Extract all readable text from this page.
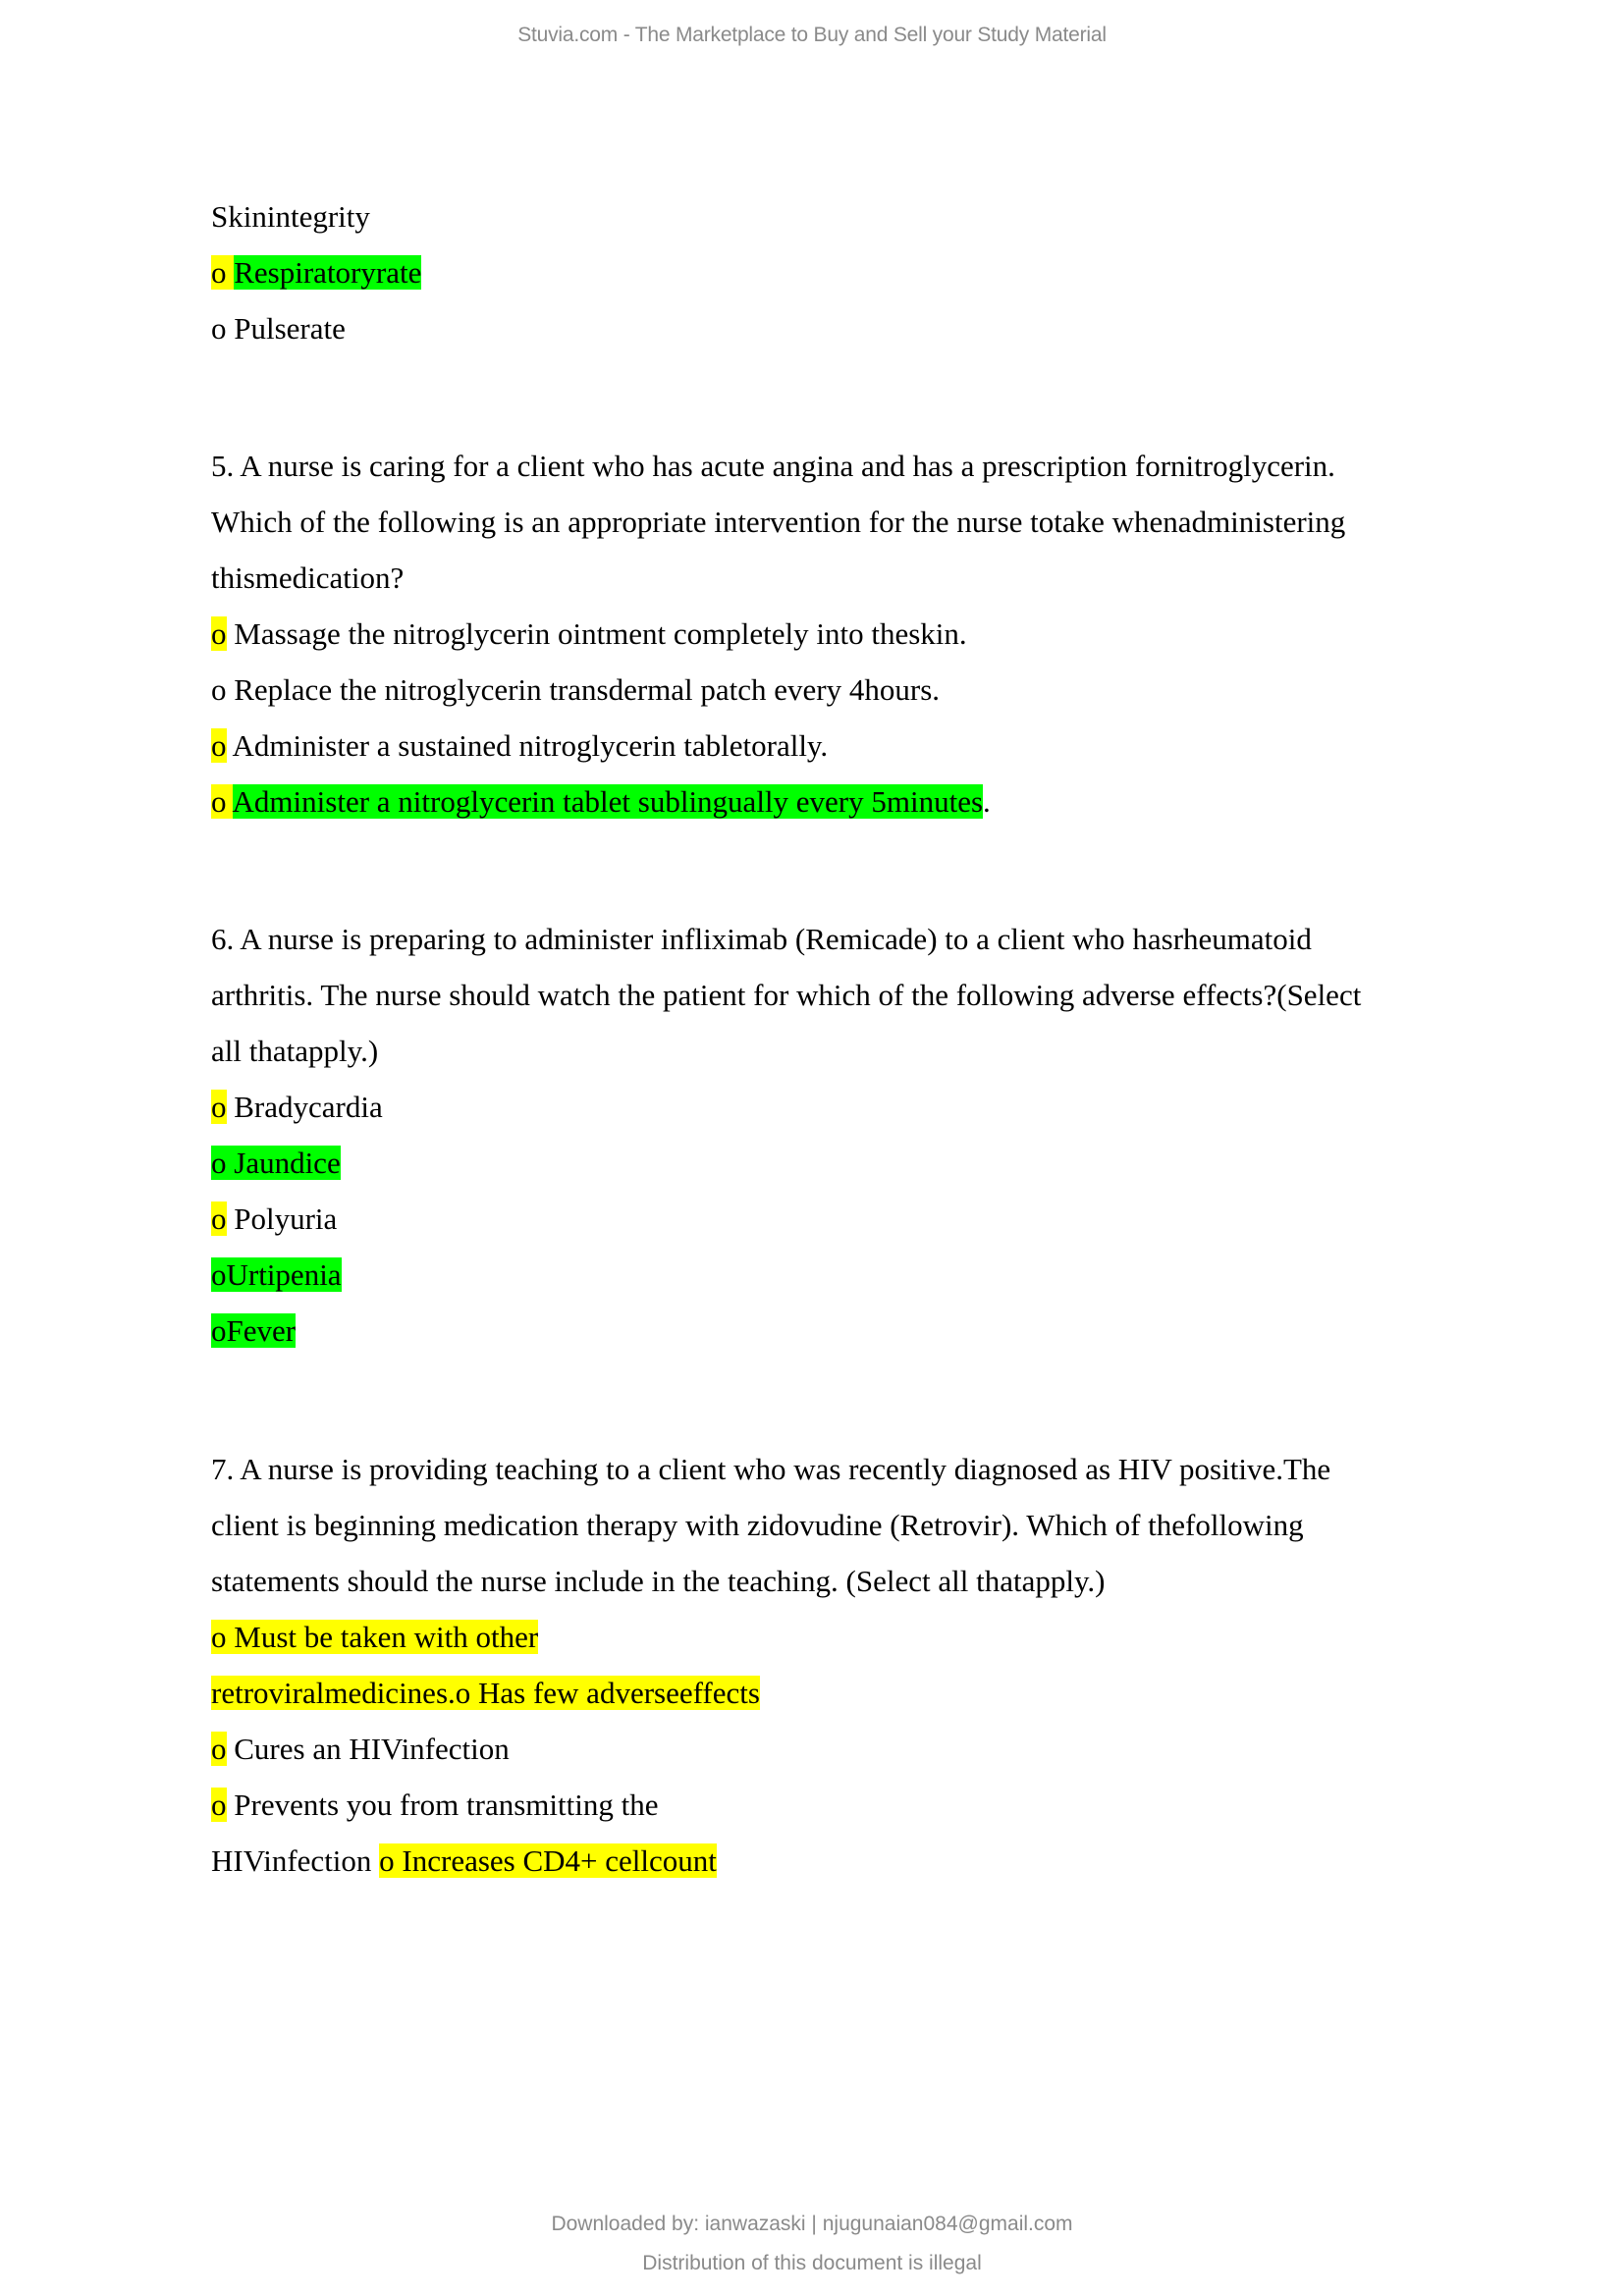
Stuvia.com - The Marketplace to Buy and Sell your Study Material
Skinintegrity
o Respiratoryrate
o Pulserate
5. A nurse is caring for a client who has acute angina and has a prescription fornitroglycerin.
Which of the following is an appropriate intervention for the nurse totake whenadministering
thismedication?
o Massage the nitroglycerin ointment completely into theskin.
o Replace the nitroglycerin transdermal patch every 4hours.
o Administer a sustained nitroglycerin tabletorally.
o Administer a nitroglycerin tablet sublingually every 5minutes.
6. A nurse is preparing to administer infliximab (Remicade) to a client who hasrheumatoid
arthritis. The nurse should watch the patient for which of the following adverse effects?(Select
all thatapply.)
o Bradycardia
o Jaundice
o Polyuria
oUrtipenia
oFever
7. A nurse is providing teaching to a client who was recently diagnosed as HIV positive.The
client is beginning medication therapy with zidovudine (Retrovir). Which of thefollowing
statements should the nurse include in the teaching. (Select all thatapply.)
o Must be taken with other
retroviralmedicines.o Has few adverseeffects
o Cures an HIVinfection
o Prevents you from transmitting the
HIVinfection o Increases CD4+ cellcount
Downloaded by: ianwazaski | njugunaian084@gmail.com
Distribution of this document is illegal
